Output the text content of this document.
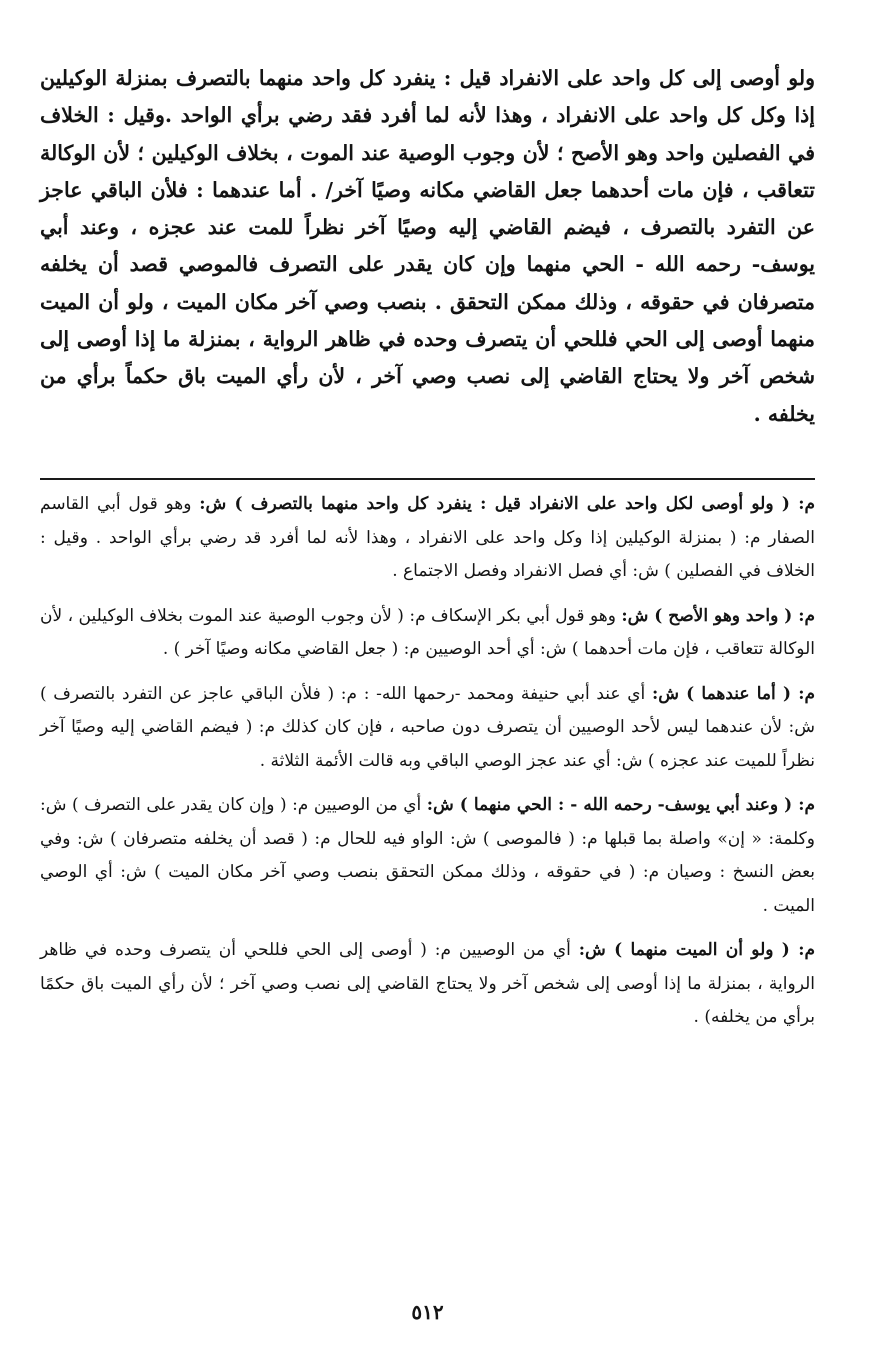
ولو أوصى إلى كل واحد على الانفراد قيل : ينفرد كل واحد منهما بالتصرف بمنزلة الوكيلين إذا وكل كل واحد على الانفراد ، وهذا لأنه لما أفرد فقد رضي برأي الواحد .وقيل : الخلاف في الفصلين واحد وهو الأصح ؛ لأن وجوب الوصية عند الموت ، بخلاف الوكيلين ؛ لأن الوكالة تتعاقب ، فإن مات أحدهما جعل القاضي مكانه وصيًا آخر/ . أما عندهما : فلأن الباقي عاجز عن التفرد بالتصرف ، فيضم القاضي إليه وصيًا آخر نظراً للمت عند عجزه ، وعند أبي يوسف- رحمه الله - الحي منهما وإن كان يقدر على التصرف فالموصي قصد أن يخلفه متصرفان في حقوقه ، وذلك ممكن التحقق . بنصب وصي آخر مكان الميت ، ولو أن الميت منهما أوصى إلى الحي فللحي أن يتصرف وحده في ظاهر الرواية ، بمنزلة ما إذا أوصى إلى شخص آخر ولا يحتاج القاضي إلى نصب وصي آخر ، لأن رأي الميت باق حكماً برأي من يخلفه .

م: ( ولو أوصى لكل واحد على الانفراد قيل : ينفرد كل واحد منهما بالتصرف ) ش: وهو قول أبي القاسم الصفار م: ( بمنزلة الوكيلين إذا وكل واحد على الانفراد ، وهذا لأنه لما أفرد قد رضي برأي الواحد . وقيل : الخلاف في الفصلين ) ش: أي فصل الانفراد وفصل الاجتماع .

م: ( واحد وهو الأصح ) ش: وهو قول أبي بكر الإسكاف م: ( لأن وجوب الوصية عند الموت بخلاف الوكيلين ، لأن الوكالة تتعاقب ، فإن مات أحدهما ) ش: أي أحد الوصيين م: ( جعل القاضي مكانه وصيًا آخر ) .

م: ( أما عندهما ) ش: أي عند أبي حنيفة ومحمد -رحمها الله- : م: ( فلأن الباقي عاجز عن التفرد بالتصرف ) ش: لأن عندهما ليس لأحد الوصيين أن يتصرف دون صاحبه ، فإن كان كذلك م: ( فيضم القاضي إليه وصيًا آخر نظراً للميت عند عجزه ) ش: أي عند عجز الوصي الباقي وبه قالت الأئمة الثلاثة .

م: ( وعند أبي يوسف- رحمه الله - : الحي منهما ) ش: أي من الوصيين م: ( وإن كان يقدر على التصرف ) ش: وكلمة: « إن» واصلة بما قبلها م: ( فالموصى ) ش: الواو فيه للحال م: ( قصد أن يخلفه متصرفان ) ش: وفي بعض النسخ : وصيان م: ( في حقوقه ، وذلك ممكن التحقق بنصب وصي آخر مكان الميت ) ش: أي الوصي الميت .

م: ( ولو أن الميت منهما ) ش: أي من الوصيين م: ( أوصى إلى الحي فللحي أن يتصرف وحده في ظاهر الرواية ، بمنزلة ما إذا أوصى إلى شخص آخر ولا يحتاج القاضي إلى نصب وصي آخر ؛ لأن رأي الميت باق حكمًا برأي من يخلفه) .

٥١٢
